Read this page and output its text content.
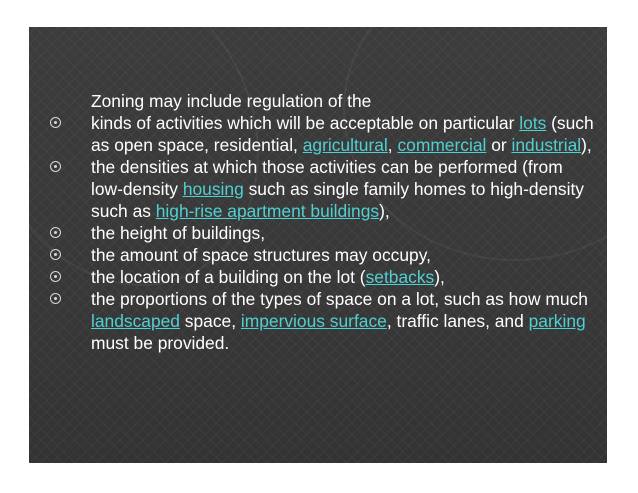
Zoning may include regulation of the
kinds of activities which will be acceptable on particular lots (such as open space, residential, agricultural, commercial or industrial),
the densities at which those activities can be performed (from low-density housing such as single family homes to high-density such as high-rise apartment buildings),
the height of buildings,
the amount of space structures may occupy,
the location of a building on the lot (setbacks),
the proportions of the types of space on a lot, such as how much landscaped space, impervious surface, traffic lanes, and parking must be provided.
